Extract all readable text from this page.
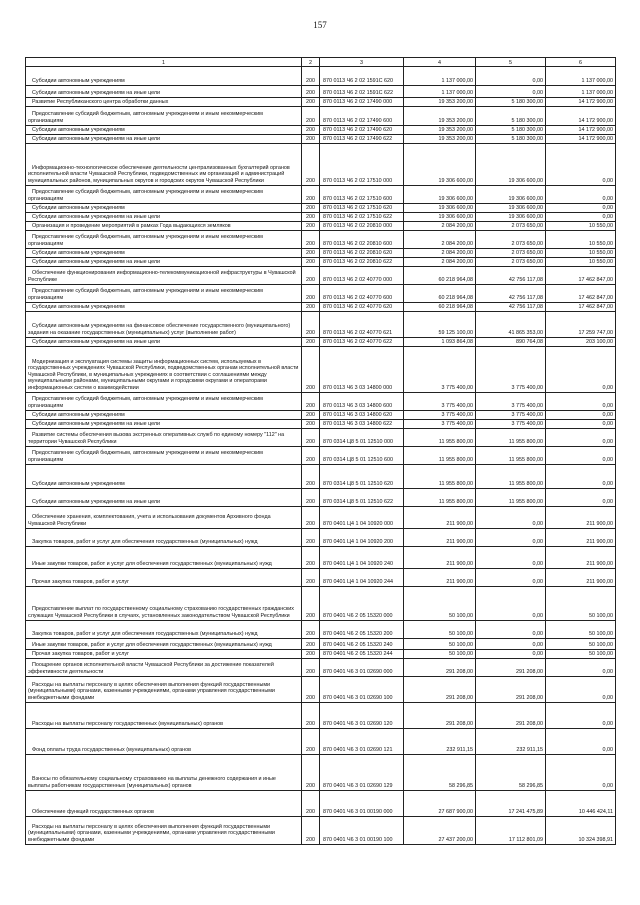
157
1	2	3	4	5	6

Субсидии автономным учреждениям	200	870 0113 Ч6 2 02 1591С 620	1 137 000,00	0,00	1 137 000,00

Субсидии автономным учреждениям на иные цели	200	870 0113 Ч6 2 02 1591С 622	1 137 000,00	0,00	1 137 000,00

Развитие Республиканского центра обработки данных	200	870 0113 Ч6 2 02 17490 000	19 353 200,00	5 180 300,00	14 172 900,00

Предоставление субсидий бюджетным, автономным учреждениям и иным некоммерческим организациям	200	870 0113 Ч6 2 02 17490 600	19 353 200,00	5 180 300,00	14 172 900,00

Субсидии автономным учреждениям	200	870 0113 Ч6 2 02 17490 620	19 353 200,00	5 180 300,00	14 172 900,00

Субсидии автономным учреждениям на иные цели	200	870 0113 Ч6 2 02 17490 622	19 353 200,00	5 180 300,00	14 172 900,00

Информационно-технологическое обеспечение деятельности централизованных бухгалтерий органов исполнительной власти Чувашской Республики, подведомственных им организаций и администраций муниципальных районов, муниципальных округов и городских округов Чувашской Республики	200	870 0113 Ч6 2 02 17510 000	19 306 600,00	19 306 600,00	0,00

Предоставление субсидий бюджетным, автономным учреждениям и иным некоммерческим организациям	200	870 0113 Ч6 2 02 17510 600	19 306 600,00	19 306 600,00	0,00

Субсидии автономным учреждениям	200	870 0113 Ч6 2 02 17510 620	19 306 600,00	19 306 600,00	0,00

Субсидии автономным учреждениям на иные цели	200	870 0113 Ч6 2 02 17510 622	19 306 600,00	19 306 600,00	0,00

Организация и проведение мероприятий в рамках Года выдающихся земляков	200	870 0113 Ч6 2 02 20810 000	2 084 200,00	2 073 650,00	10 550,00

Предоставление субсидий бюджетным, автономным учреждениям и иным некоммерческим организациям	200	870 0113 Ч6 2 02 20810 600	2 084 200,00	2 073 650,00	10 550,00

Субсидии автономным учреждениям	200	870 0113 Ч6 2 02 20810 620	2 084 200,00	2 073 650,00	10 550,00

Субсидии автономным учреждениям на иные цели	200	870 0113 Ч6 2 02 20810 622	2 084 200,00	2 073 650,00	10 550,00

Обеспечение функционирования информационно-телекоммуникационной инфраструктуры в Чувашской Республике	200	870 0113 Ч6 2 02 40770 000	60 218 964,08	42 756 117,08	17 462 847,00

Предоставление субсидий бюджетным, автономным учреждениям и иным некоммерческим организациям	200	870 0113 Ч6 2 02 40770 600	60 218 964,08	42 756 117,08	17 462 847,00

Субсидии автономным учреждениям	200	870 0113 Ч6 2 02 40770 620	60 218 964,08	42 756 117,08	17 462 847,00

Субсидии автономным учреждениям на финансовое обеспечение государственного (муниципального) задания на оказание государственных (муниципальных) услуг (выполнение работ)	200	870 0113 Ч6 2 02 40770 621	59 125 100,00	41 865 353,00	17 259 747,00

Субсидии автономным учреждениям на иные цели	200	870 0113 Ч6 2 02 40770 622	1 093 864,08	890 764,08	203 100,00

Модернизация и эксплуатация системы защиты информационных систем, используемых в государственных учреждениях Чувашской Республики, подведомственных органам исполнительной власти Чувашской Республики, в муниципальных учреждениях в соответствии с соглашениями между муниципальными районами, муниципальными округами и городскими округами и операторами информационных систем о взаимодействии	200	870 0113 Ч6 3 03 14800 000	3 775 400,00	3 775 400,00	0,00

Предоставление субсидий бюджетным, автономным учреждениям и иным некоммерческим организациям	200	870 0113 Ч6 3 03 14800 600	3 775 400,00	3 775 400,00	0,00

Субсидии автономным учреждениям	200	870 0113 Ч6 3 03 14800 620	3 775 400,00	3 775 400,00	0,00

Субсидии автономным учреждениям на иные цели	200	870 0113 Ч6 3 03 14800 622	3 775 400,00	3 775 400,00	0,00

Развитие системы обеспечения вызова экстренных оперативных служб по единому номеру "112" на территории Чувашской Республики	200	870 0314 Ц8 5 01 12510 000	11 955 800,00	11 955 800,00	0,00

Предоставление субсидий бюджетным, автономным учреждениям и иным некоммерческим организациям	200	870 0314 Ц8 5 01 12510 600	11 955 800,00	11 955 800,00	0,00

Субсидии автономным учреждениям	200	870 0314 Ц8 5 01 12510 620	11 955 800,00	11 955 800,00	0,00

Субсидии автономным учреждениям на иные цели	200	870 0314 Ц8 5 01 12510 622	11 955 800,00	11 955 800,00	0,00

Обеспечение хранения, комплектования, учета и использования документов Архивного фонда Чувашской Республики	200	870 0401 Ц4 1 04 10920 000	211 900,00	0,00	211 900,00

Закупка товаров, работ и услуг для обеспечения государственных (муниципальных) нужд	200	870 0401 Ц4 1 04 10920 200	211 900,00	0,00	211 900,00

Иные закупки товаров, работ и услуг для обеспечения государственных (муниципальных) нужд	200	870 0401 Ц4 1 04 10920 240	211 900,00	0,00	211 900,00

Прочая закупка товаров, работ и услуг	200	870 0401 Ц4 1 04 10920 244	211 900,00	0,00	211 900,00

Предоставление выплат по государственному социальному страхованию государственных гражданских служащих Чувашской Республики в случаях, установленных законодательством Чувашской Республики	200	870 0401 Ч6 2 05 15320 000	50 100,00	0,00	50 100,00

Закупка товаров, работ и услуг для обеспечения государственных (муниципальных) нужд	200	870 0401 Ч6 2 05 15320 200	50 100,00	0,00	50 100,00

Иные закупки товаров, работ и услуг для обеспечения государственных (муниципальных) нужд	200	870 0401 Ч6 2 05 15320 240	50 100,00	0,00	50 100,00

Прочая закупка товаров, работ и услуг	200	870 0401 Ч6 2 05 15320 244	50 100,00	0,00	50 100,00

Поощрение органов исполнительной власти Чувашской Республики за достижение показателей эффективности деятельности	200	870 0401 Ч6 3 01 02690 000	291 208,00	291 208,00	0,00

Расходы на выплаты персоналу в целях обеспечения выполнения функций государственными (муниципальными) органами, казенными учреждениями, органами управления государственными внебюджетными фондами	200	870 0401 Ч6 3 01 02690 100	291 208,00	291 208,00	0,00

Расходы на выплаты персоналу государственных (муниципальных) органов	200	870 0401 Ч6 3 01 02690 120	291 208,00	291 208,00	0,00

Фонд оплаты труда государственных (муниципальных) органов	200	870 0401 Ч6 3 01 02690 121	232 911,15	232 911,15	0,00

Взносы по обязательному социальному страхованию на выплаты денежного содержания и иные выплаты работникам государственных (муниципальных) органов	200	870 0401 Ч6 3 01 02690 129	58 296,85	58 296,85	0,00

Обеспечение функций государственных органов	200	870 0401 Ч6 3 01 00190 000	27 687 900,00	17 241 475,89	10 446 424,11

Расходы на выплаты персоналу в целях обеспечения выполнения функций государственными (муниципальными) органами, казенными учреждениями, органами управления государственными внебюджетными фондами	200	870 0401 Ч6 3 01 00190 100	27 437 200,00	17 112 801,09	10 324 398,91
